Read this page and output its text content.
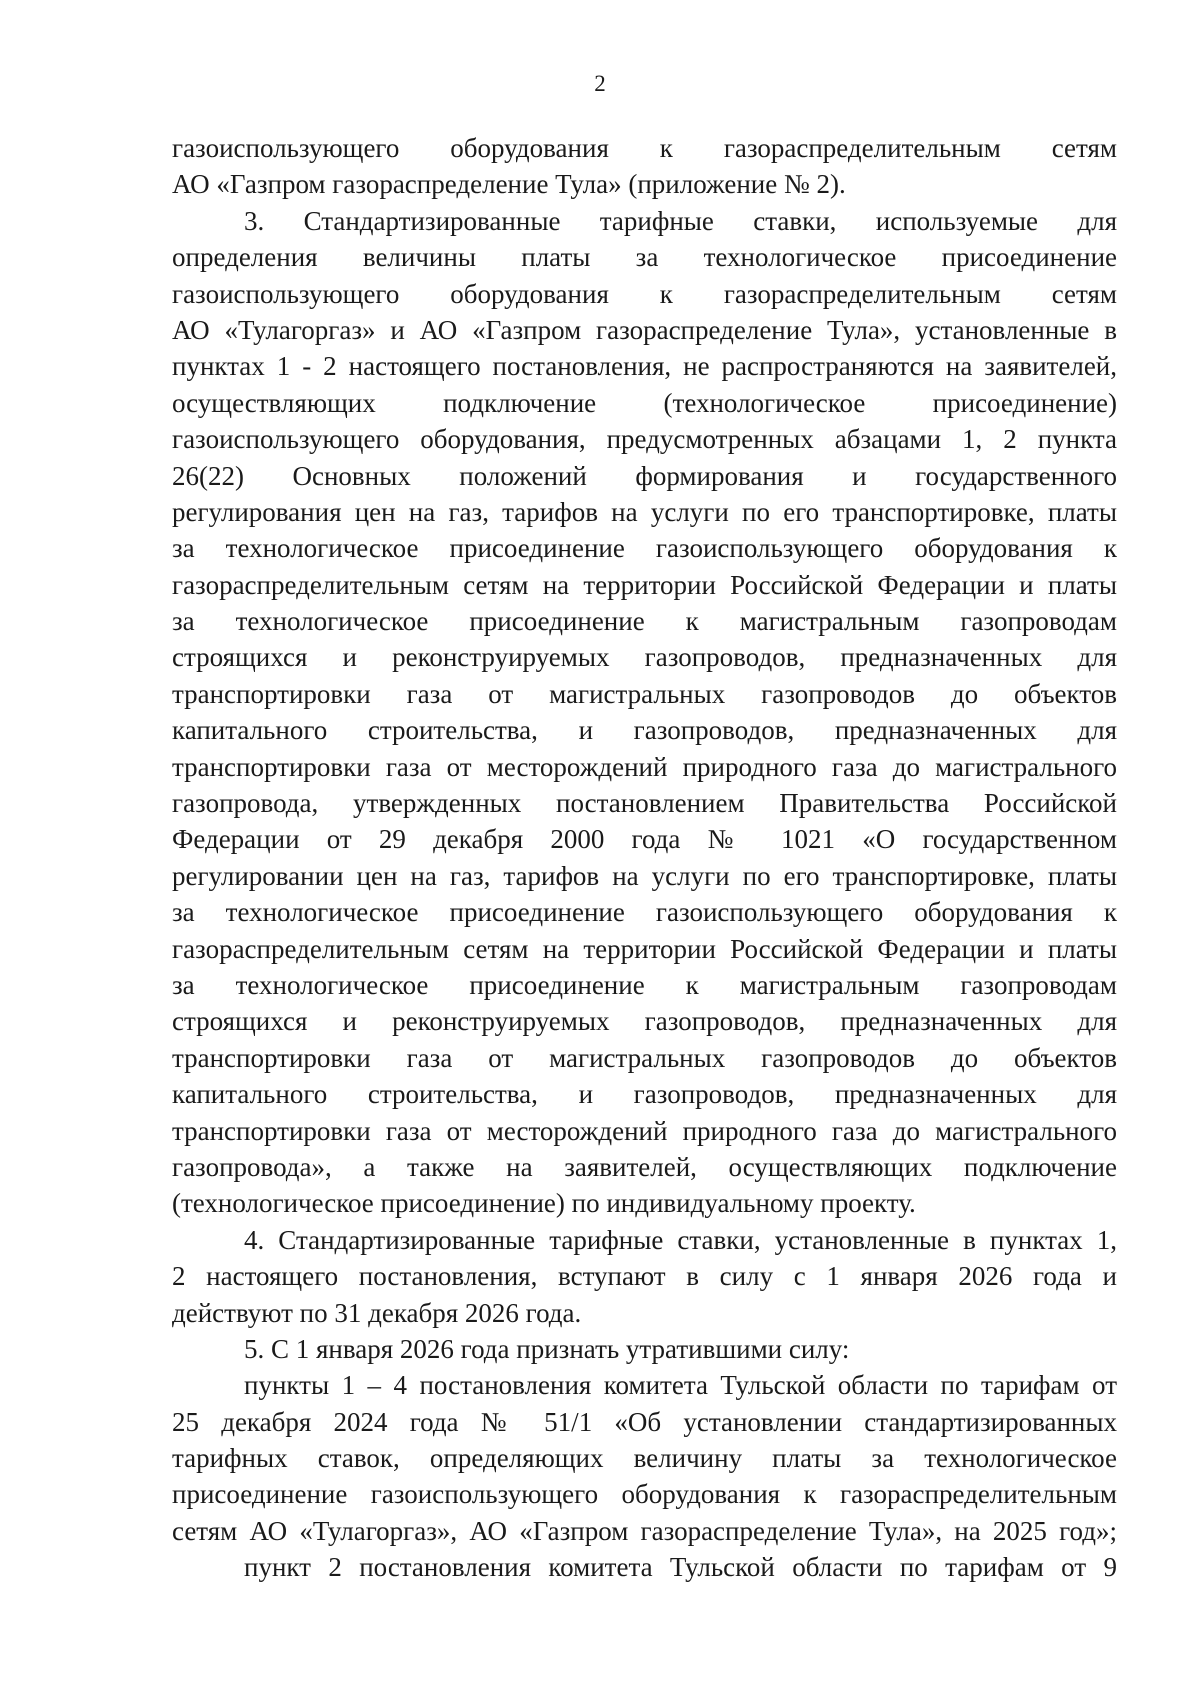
2
газоиспользующего оборудования к газораспределительным сетям
АО «Газпром газораспределение Тула» (приложение № 2).
3. Стандартизированные тарифные ставки, используемые для
определения величины платы за технологическое присоединение
газоиспользующего оборудования к газораспределительным сетям
АО «Тулагоргаз» и АО «Газпром газораспределение Тула», установленные в
пунктах 1 - 2 настоящего постановления, не распространяются на заявителей,
осуществляющих подключение (технологическое присоединение)
газоиспользующего оборудования, предусмотренных абзацами 1, 2 пункта
26(22) Основных положений формирования и государственного
регулирования цен на газ, тарифов на услуги по его транспортировке, платы
за технологическое присоединение газоиспользующего оборудования к
газораспределительным сетям на территории Российской Федерации и платы
за технологическое присоединение к магистральным газопроводам
строящихся и реконструируемых газопроводов, предназначенных для
транспортировки газа от магистральных газопроводов до объектов
капитального строительства, и газопроводов, предназначенных для
транспортировки газа от месторождений природного газа до магистрального
газопровода, утвержденных постановлением Правительства Российской
Федерации от 29 декабря 2000 года № 1021 «О государственном
регулировании цен на газ, тарифов на услуги по его транспортировке, платы
за технологическое присоединение газоиспользующего оборудования к
газораспределительным сетям на территории Российской Федерации и платы
за технологическое присоединение к магистральным газопроводам
строящихся и реконструируемых газопроводов, предназначенных для
транспортировки газа от магистральных газопроводов до объектов
капитального строительства, и газопроводов, предназначенных для
транспортировки газа от месторождений природного газа до магистрального
газопровода», а также на заявителей, осуществляющих подключение
(технологическое присоединение) по индивидуальному проекту.
4. Стандартизированные тарифные ставки, установленные в пунктах 1,
2 настоящего постановления, вступают в силу с 1 января 2026 года и
действуют по 31 декабря 2026 года.
5. С 1 января 2026 года признать утратившими силу:
пункты 1 – 4 постановления комитета Тульской области по тарифам от
25 декабря 2024 года № 51/1 «Об установлении стандартизированных
тарифных ставок, определяющих величину платы за технологическое
присоединение газоиспользующего оборудования к газораспределительным
сетям АО «Тулагоргаз», АО «Газпром газораспределение Тула», на 2025 год»;
пункт 2 постановления комитета Тульской области по тарифам от 9
